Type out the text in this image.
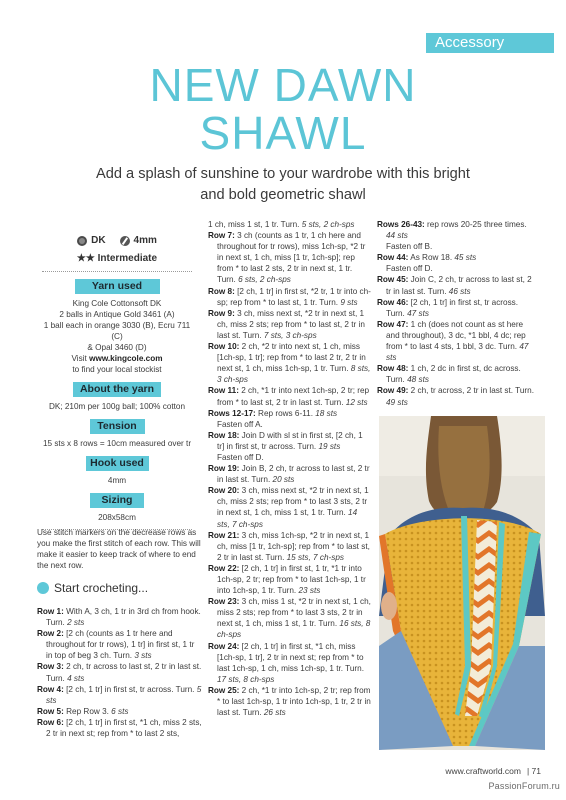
Accessory
NEW DAWN
SHAWL
Add a splash of sunshine to your wardrobe with this bright
and bold geometric shawl
DK	4mm
★★ Intermediate
Yarn used
King Cole Cottonsoft DK
2 balls in Antique Gold 3461 (A)
1 ball each in orange 3030 (B), Ecru 711 (C)
& Opal 3460 (D)
Visit www.kingcole.com
to find your local stockist
About the yarn
DK; 210m per 100g ball; 100% cotton
Tension
15 sts x 8 rows = 10cm measured over tr
Hook used
4mm
Sizing
208x58cm
Use stitch markers on the decrease rows as you make the first stitch of each row. This will make it easier to keep track of where to end the next row.
Start crocheting...
Row 1: With A, 3 ch, 1 tr in 3rd ch from hook. Turn. 2 sts
Row 2: [2 ch (counts as 1 tr here and throughout for tr rows), 1 tr] in first st, 1 tr in top of beg 3 ch. Turn. 3 sts
Row 3: 2 ch, tr across to last st, 2 tr in last st. Turn. 4 sts
Row 4: [2 ch, 1 tr] in first st, tr across. Turn. 5 sts
Row 5: Rep Row 3. 6 sts
Row 6: [2 ch, 1 tr] in first st, *1 ch, miss 2 sts, 2 tr in next st; rep from * to last 2 sts,
1 ch, miss 1 st, 1 tr. Turn. 5 sts, 2 ch-sps
Row 7: 3 ch (counts as 1 tr, 1 ch here and throughout for tr rows), miss 1ch-sp, *2 tr in next st, 1 ch, miss [1 tr, 1ch-sp]; rep from * to last 2 sts, 2 tr in next st, 1 tr. Turn. 6 sts, 2 ch-sps
Row 8: [2 ch, 1 tr] in first st, *2 tr, 1 tr into ch-sp; rep from * to last st, 1 tr. Turn. 9 sts
Row 9: 3 ch, miss next st, *2 tr in next st, 1 ch, miss 2 sts; rep from * to last st, 2 tr in last st. Turn. 7 sts, 3 ch-sps
Row 10: 2 ch, *2 tr into next st, 1 ch, miss [1ch-sp, 1 tr]; rep from * to last 2 tr, 2 tr in next st, 1 ch, miss 1ch-sp, 1 tr. Turn. 8 sts, 3 ch-sps
Row 11: 2 ch, *1 tr into next 1ch-sp, 2 tr; rep from * to last st, 2 tr in last st. Turn. 12 sts
Rows 12-17: Rep rows 6-11. 18 sts
Fasten off A.
Row 18: Join D with sl st in first st, [2 ch, 1 tr] in first st, tr across. Turn. 19 sts
Fasten off D.
Row 19: Join B, 2 ch, tr across to last st, 2 tr in last st. Turn. 20 sts
Row 20: 3 ch, miss next st, *2 tr in next st, 1 ch, miss 2 sts; rep from * to last 3 sts, 2 tr in next st, 1 ch, miss 1 st, 1 tr. Turn. 14 sts, 7 ch-sps
Row 21: 3 ch, miss 1ch-sp, *2 tr in next st, 1 ch, miss [1 tr, 1ch-sp]; rep from * to last st, 2 tr in last st. Turn. 15 sts, 7 ch-sps
Row 22: [2 ch, 1 tr] in first st, 1 tr, *1 tr into 1ch-sp, 2 tr; rep from * to last 1ch-sp, 1 tr into 1ch-sp, 1 tr. Turn. 23 sts
Row 23: 3 ch, miss 1 st, *2 tr in next st, 1 ch, miss 2 sts; rep from * to last 3 sts, 2 tr in next st, 1 ch, miss 1 st, 1 tr. Turn. 16 sts, 8 ch-sps
Row 24: [2 ch, 1 tr] in first st, *1 ch, miss [1ch-sp, 1 tr], 2 tr in next st; rep from * to last 1ch-sp, 1 ch, miss 1ch-sp, 1 tr. Turn. 17 sts, 8 ch-sps
Row 25: 2 ch, *1 tr into 1ch-sp, 2 tr; rep from * to last 1ch-sp, 1 tr into 1ch-sp, 1 tr, 2 tr in last st. Turn. 26 sts
Rows 26-43: rep rows 20-25 three times. 44 sts
Fasten off B.
Row 44: As Row 18. 45 sts
Fasten off D.
Row 45: Join C, 2 ch, tr across to last st, 2 tr in last st. Turn. 46 sts
Row 46: [2 ch, 1 tr] in first st, tr across. Turn. 47 sts
Row 47: 1 ch (does not count as st here and throughout), 3 dc, *1 bbl, 4 dc; rep from * to last 4 sts, 1 bbl, 3 dc. Turn. 47 sts
Row 48: 1 ch, 2 dc in first st, dc across. Turn. 48 sts
Row 49: 2 ch, tr across, 2 tr in last st. Turn. 49 sts
www.craftworld.com | 71
PassionForum.ru
